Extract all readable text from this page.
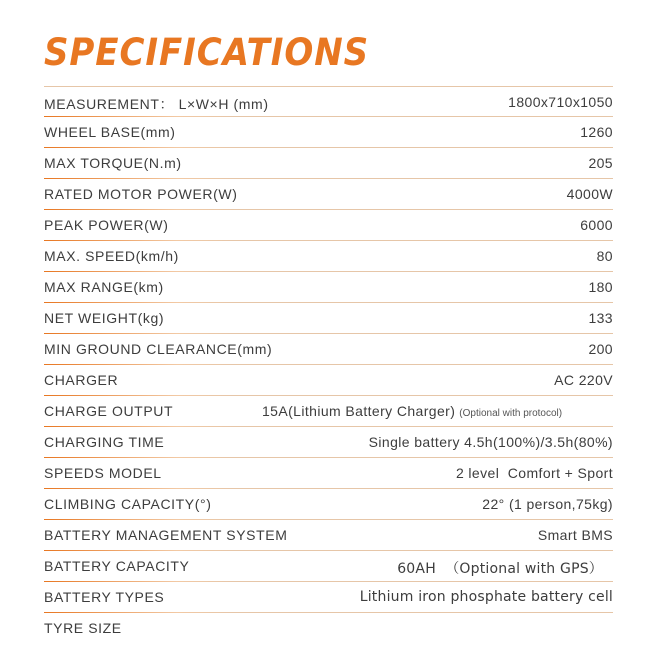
SPECIFICATIONS
MEASUREMENT： L×W×H (mm)	1800x710x1050
WHEEL BASE(mm)	1260
MAX TORQUE(N.m)	205
RATED MOTOR POWER(W)	4000W
PEAK POWER(W)	6000
MAX. SPEED(km/h)	80
MAX RANGE(km)	180
NET WEIGHT(kg)	133
MIN GROUND CLEARANCE(mm)	200
CHARGER	AC 220V
CHARGE OUTPUT	15A(Lithium Battery Charger) (Optional with protocol)
CHARGING TIME	Single battery 4.5h(100%)/3.5h(80%)
SPEEDS MODEL	2 level  Comfort + Sport
CLIMBING CAPACITY(°)	22° (1 person,75kg)
BATTERY MANAGEMENT SYSTEM	Smart BMS
BATTERY CAPACITY	60AH  （Optional with GPS）
BATTERY TYPES	Lithium iron phosphate battery cell
TYRE SIZE
